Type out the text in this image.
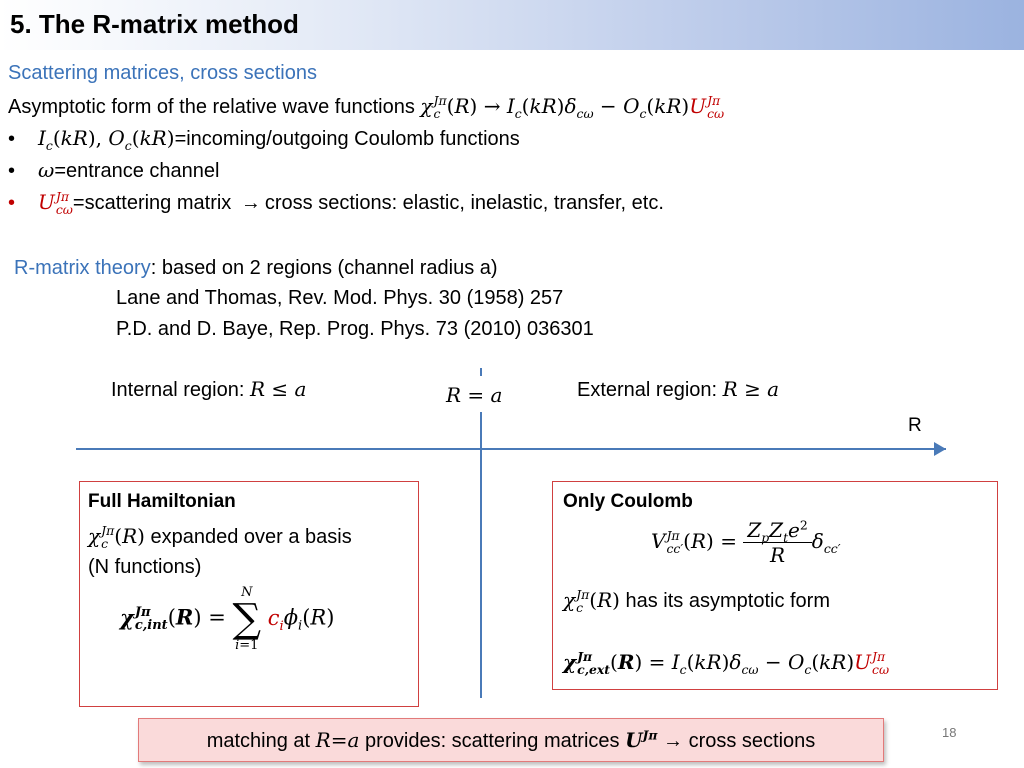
5. The R-matrix method
Scattering matrices, cross sections
Asymptotic form of the relative wave functions χ Jπ
c $(R) \to I_c(kR)\delta_{c\omega} - O_c(kR)U$ Jπ
cω
• $I_c(kR)$, $O_c(kR)=incoming$/outgoing Coulomb functions
• ω=entrance channel
• U Jπ
cω =scattering matrix → cross sections: elastic, inelastic, transfer, etc.
R-matrix theory: based on 2 regions (channel radius a)
Lane and Thomas, Rev. Mod. Phys. 30 (1958) 257
P.D. and D. Baye, Rep. Prog. Phys. 73 (2010) 036301
Internal region: R ≤ a	R = a	External region: R ≥ a
R
Full Hamiltonian
χ Jπ
c (R) expanded over a basis
(N functions)
χ Jπ
c,int (R) =
N
∑
i=1
$c_i\phi_i(R)$
Only Coulomb
V Jπ
cc′ $(R) = \frac{Z_pZ_te^2}{R} \delta_{cc'}$
χ Jπ
c (R) has its asymptotic form
χ Jπ
c,ext $(R) = I_c(kR)\delta_{c\omega} - O_c(kR)U$ Jπ
cω
matching at R=a provides: scattering matrices $U^{J\pi}$ → cross sections	18
